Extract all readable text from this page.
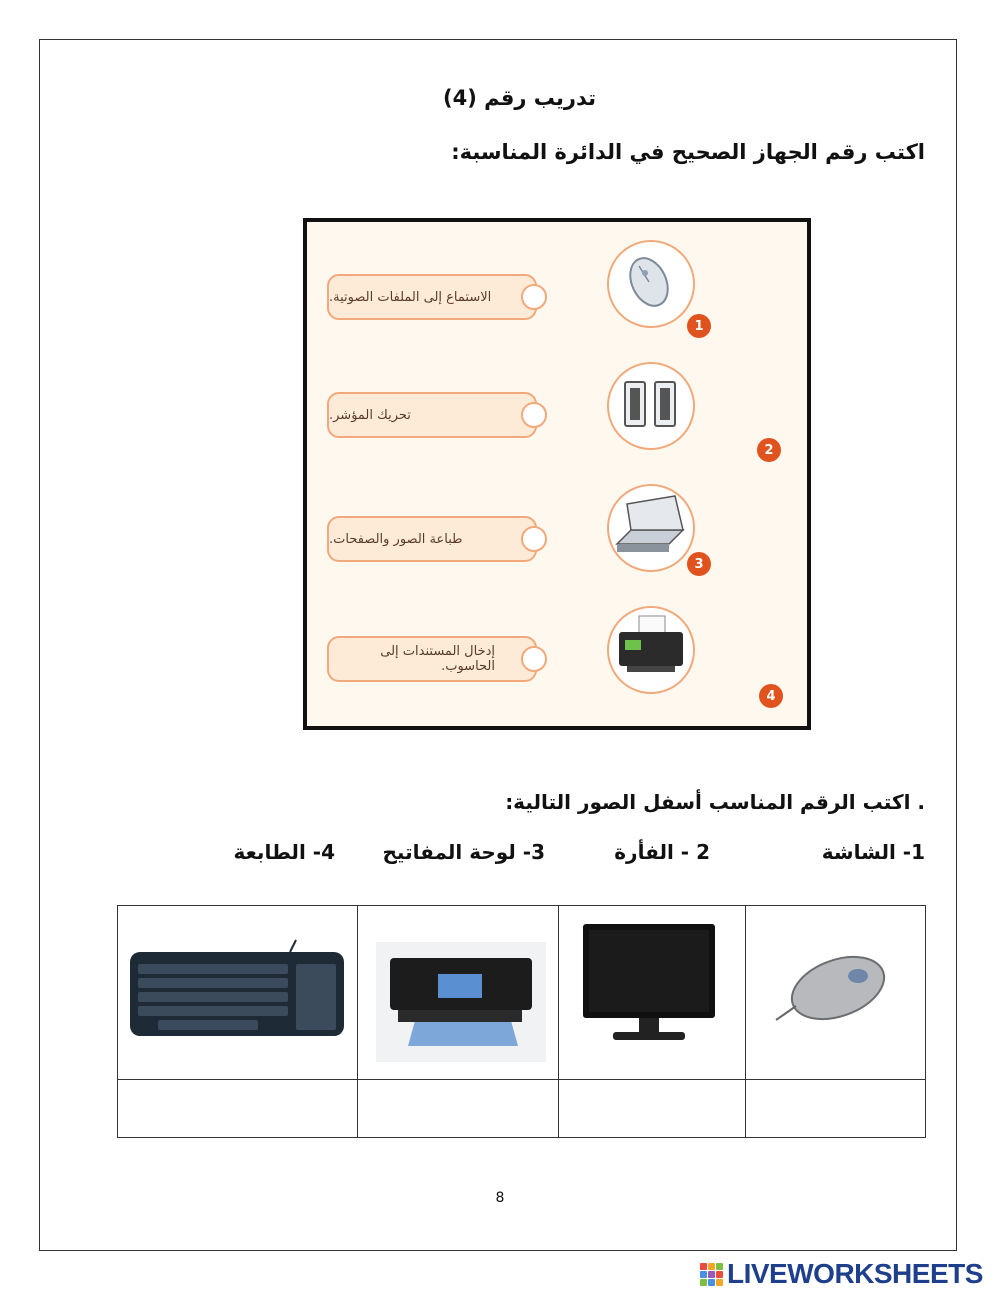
تدريب رقم (4)
اكتب رقم الجهاز الصحيح في الدائرة المناسبة:
الاستماع إلى الملفات الصوتية.
تحريك المؤشر.
طباعة الصور والصفحات.
إدخال المستندات إلى الحاسوب.
1
2
3
4
. اكتب الرقم المناسب أسفل الصور التالية:
1- الشاشة
2 - الفأرة
3- لوحة المفاتيح
4- الطابعة

8
LIVEWORKSHEETS
